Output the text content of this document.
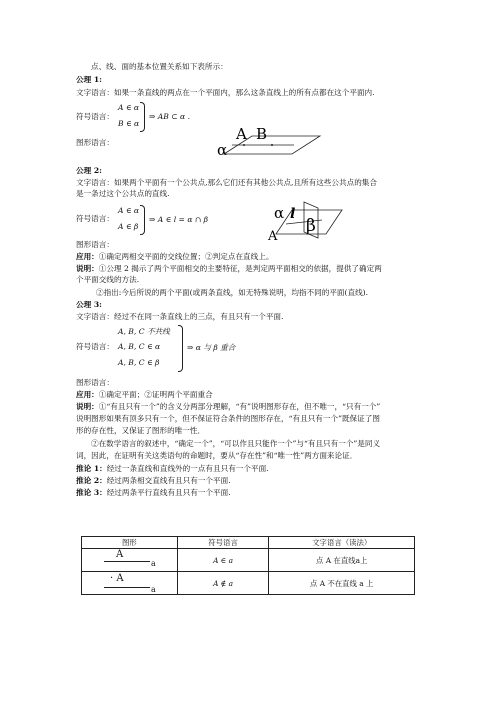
点、线、面的基本位置关系如下表所示：
公理 1:
文字语言：如果一条直线的两点在一个平面内，那么这条直线上的所有点都在这个平面内.
符号语言：
A ∈ α
B ∈ α
⇒ AB ⊂ α .
图形语言：	α
A B
公理 2:
文字语言：如果两个平面有一个公共点,那么它们还有其他公共点,且所有这些公共点的集合
是一条过这个公共点的直线.
符号语言：
A ∈ α
A ∈ β
⇒ A ∈ l = α ∩ β	α l
β
A
图形语言：
应用：①确定两相交平面的交线位置；②判定点在直线上。
说明：①公理 2 揭示了两个平面相交的主要特征，是判定两平面相交的依据，提供了确定两
个平面交线的方法.
②指出:今后所说的两个平面(或两条直线，如无特殊说明，均指不同的平面(直线).
公理 3:
文字语言：经过不在同一条直线上的三点，有且只有一个平面.
符号语言：
A, B, C 不共线
A, B, C ∈ α
A, B, C ∈ β
⇒ α 与 β 重合
图形语言：
应用：①确定平面；②证明两个平面重合
说明：①“有且只有一个”的含义分两部分理解，“有”说明图形存在，但不唯一，“只有一个”
说明图形如果有顶多只有一个，但不保证符合条件的图形存在，“有且只有一个”既保证了图
形的存在性，又保证了图形的唯一性．
②在数学语言的叙述中，“确定一个”，“可以作且只能作一个”与“有且只有一个”是同义
词，因此，在证明有关这类语句的命题时，要从“存在性”和“唯一性”两方面来论证．
推论 1：经过一条直线和直线外的一点有且只有一个平面.
推论 2：经过两条相交直线有且只有一个平面.
推论 3：经过两条平行直线有且只有一个平面.
图形	符号语言	文字语言（读法）

A
a	A ∈ a	点 A 在直线a上

· A
a	A ∉ a	点 A 不在直线 a 上
